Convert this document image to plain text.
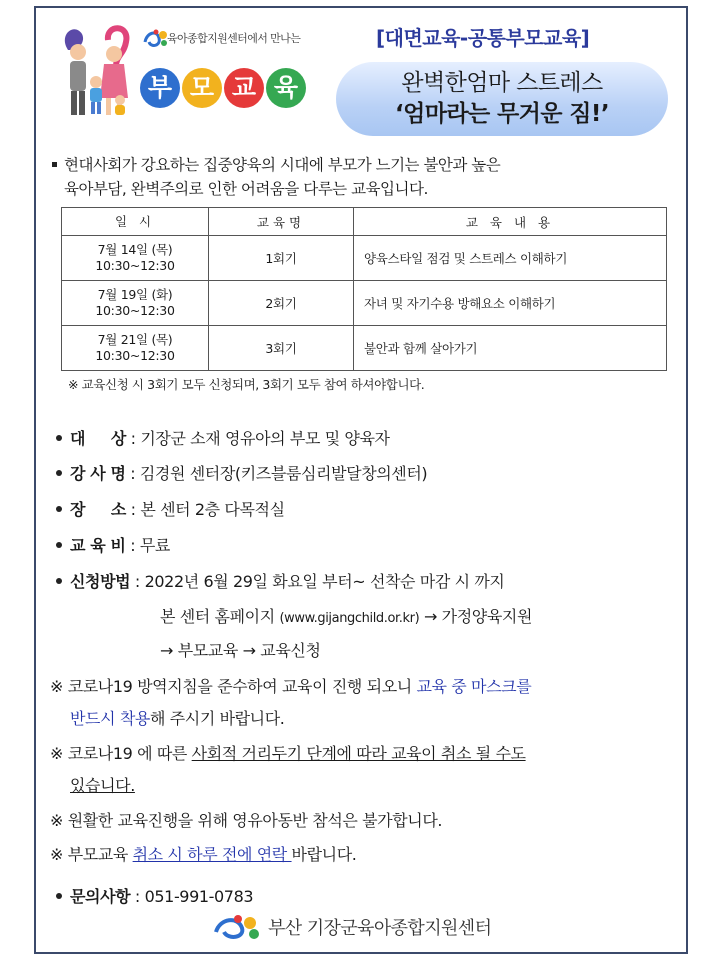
육아종합지원센터에서 만나는
부 모 교 육
[대면교육-공통부모교육]
완벽한엄마 스트레스
‘엄마라는 무거운 짐!’
현대사회가 강요하는 집중양육의 시대에 부모가 느기는 불안과 높은
육아부담, 완벽주의로 인한 어려움을 다루는 교육입니다.
일 시	교육명	교 육 내 용

7월 14일 (목)
10:30~12:30	1회기	양육스타일 점검 및 스트레스 이해하기

7월 19일 (화)
10:30~12:30	2회기	자녀 및 자기수용 방해요소 이해하기

7월 21일 (목)
10:30~12:30	3회기	불안과 함께 살아가기
※ 교육신청 시 3회기 모두 신청되며, 3회기 모두 참여 하셔야합니다.
대     상 : 기장군 소재 영유아의 부모 및 양육자
강 사 명 : 김경원 센터장(키즈블룸심리발달창의센터)
장     소 : 본 센터 2층 다목적실
교 육 비 : 무료
신청방법 : 2022년 6월 29일 화요일 부터~ 선착순 마감 시 까지
본 센터 홈페이지 (www.gijangchild.or.kr) → 가정양육지원
→ 부모교육 → 교육신청
※ 코로나19 방역지침을 준수하여 교육이 진행 되오니 교육 중 마스크를
반드시 착용해 주시기 바랍니다.
※ 코로나19 에 따른 사회적 거리두기 단계에 따라 교육이 취소 될 수도
있습니다.
※ 원활한 교육진행을 위해 영유아동반 참석은 불가합니다.
※ 부모교육 취소 시 하루 전에 연락 바랍니다.
문의사항 : 051-991-0783
부산 기장군육아종합지원센터
